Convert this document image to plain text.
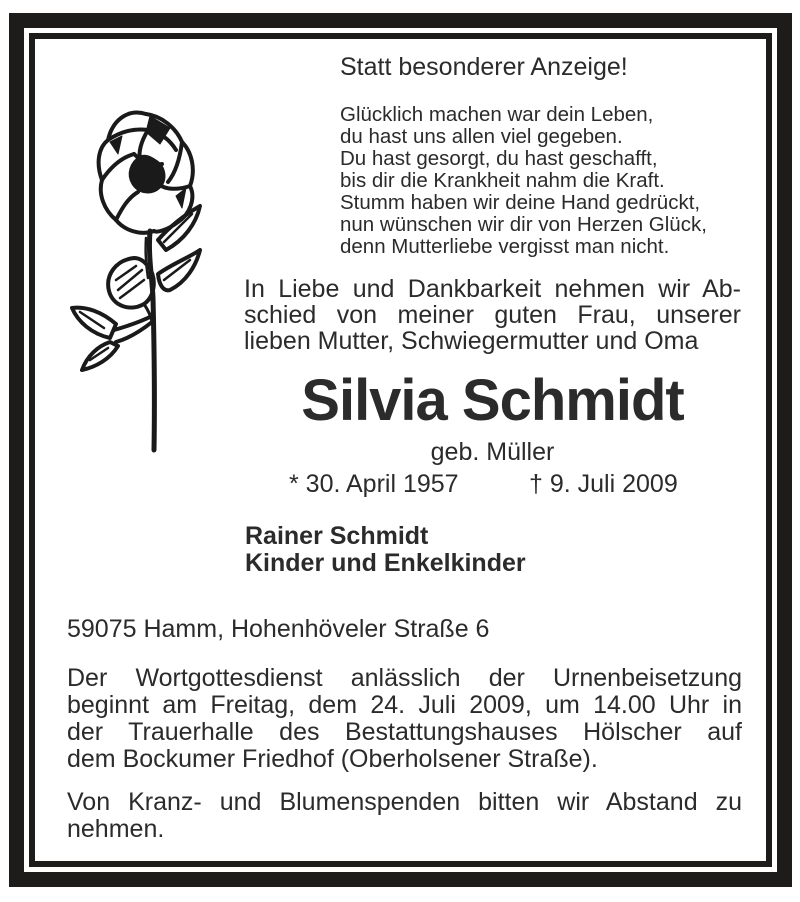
Statt besonderer Anzeige!
Glücklich machen war dein Leben,
du hast uns allen viel gegeben.
Du hast gesorgt, du hast geschafft,
bis dir die Krankheit nahm die Kraft.
Stumm haben wir deine Hand gedrückt,
nun wünschen wir dir von Herzen Glück,
denn Mutterliebe vergisst man nicht.
In Liebe und Dankbarkeit nehmen wir Ab-
schied von meiner guten Frau, unserer
lieben Mutter, Schwiegermutter und Oma
Silvia Schmidt
geb. Müller
* 30. April 1957	† 9. Juli 2009
Rainer Schmidt
Kinder und Enkelkinder
59075 Hamm, Hohenhöveler Straße 6
Der Wortgottesdienst anlässlich der Urnenbeisetzung
beginnt am Freitag, dem 24. Juli 2009, um 14.00 Uhr in
der Trauerhalle des Bestattungshauses Hölscher auf
dem Bockumer Friedhof (Oberholsener Straße).
Von Kranz- und Blumenspenden bitten wir Abstand zu
nehmen.
